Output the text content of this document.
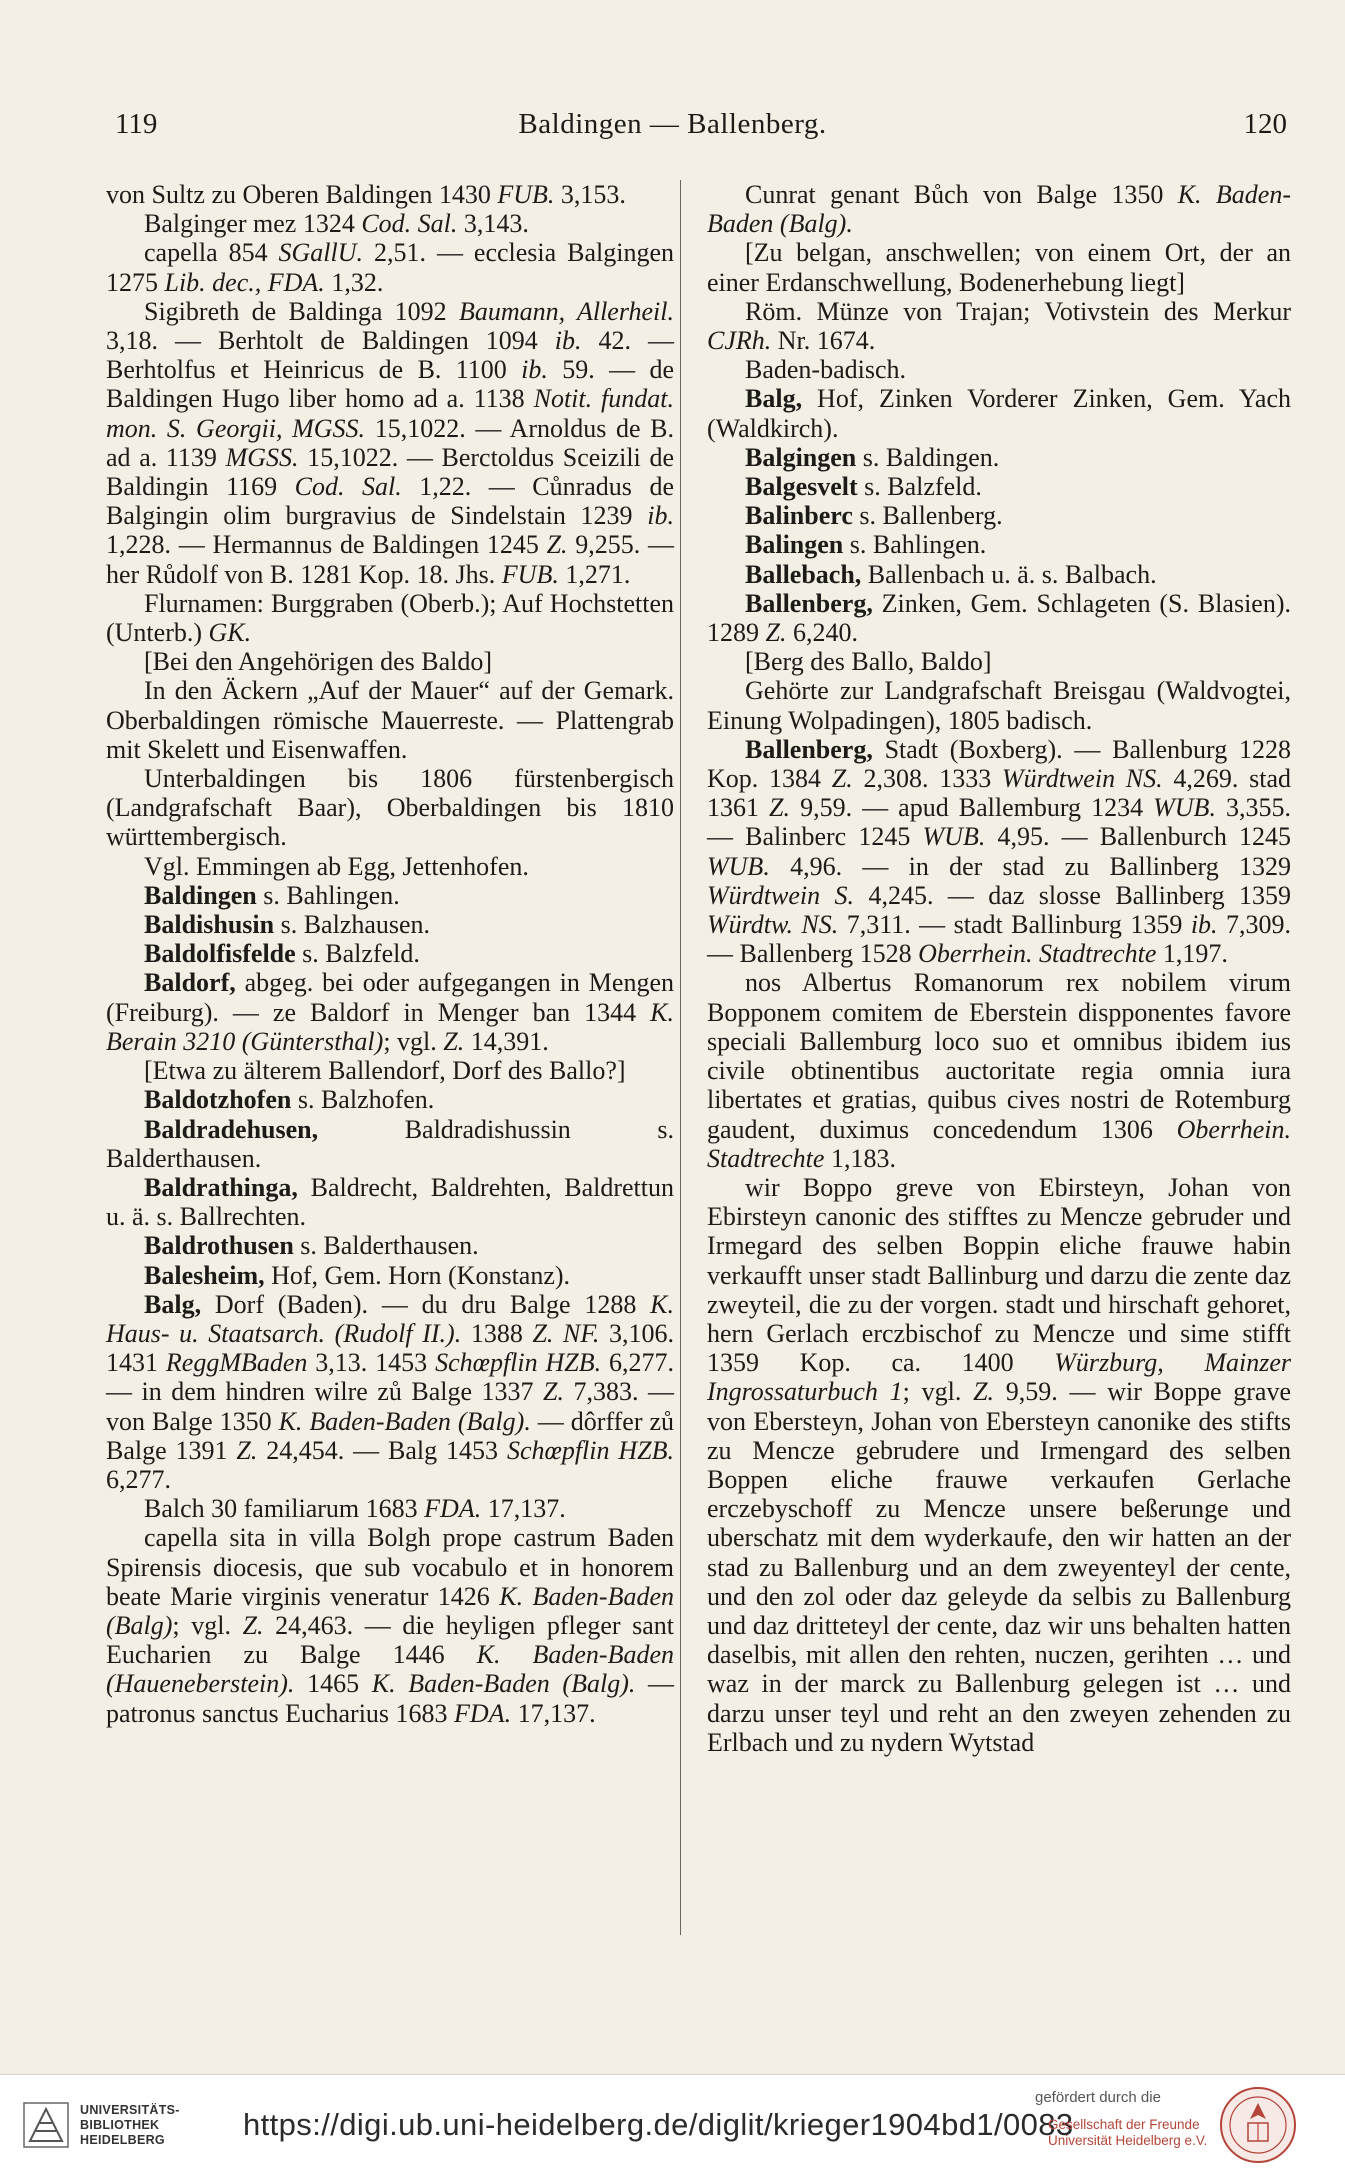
119	Baldingen — Ballenberg.	120

von Sultz zu Oberen Baldingen 1430 FUB. 3,153.

Balginger mez 1324 Cod. Sal. 3,143.

capella 854 SGallU. 2,51. — ecclesia Balgingen 1275 Lib. dec., FDA. 1,32.

Sigibreth de Baldinga 1092 Baumann, Allerheil. 3,18. — Berhtolt de Baldingen 1094 ib. 42. — Berhtolfus et Heinricus de B. 1100 ib. 59. — de Baldingen Hugo liber homo ad a. 1138 Notit. fundat. mon. S. Georgii, MGSS. 15,1022. — Arnoldus de B. ad a. 1139 MGSS. 15,1022. — Berctoldus Sceizili de Baldingin 1169 Cod. Sal. 1,22. — Cůnradus de Balgingin olim burgravius de Sindelstain 1239 ib. 1,228. — Hermannus de Baldingen 1245 Z. 9,255. — her Růdolf von B. 1281 Kop. 18. Jhs. FUB. 1,271.

Flurnamen: Burggraben (Oberb.); Auf Hochstetten (Unterb.) GK.

[Bei den Angehörigen des Baldo]

In den Äckern „Auf der Mauer“ auf der Gemark. Oberbaldingen römische Mauerreste. — Plattengrab mit Skelett und Eisenwaffen.

Unterbaldingen bis 1806 fürstenbergisch (Landgrafschaft Baar), Oberbaldingen bis 1810 württembergisch.

Vgl. Emmingen ab Egg, Jettenhofen.

Baldingen s. Bahlingen.

Baldishusin s. Balzhausen.

Baldolfisfelde s. Balzfeld.

Baldorf, abgeg. bei oder aufgegangen in Mengen (Freiburg). — ze Baldorf in Menger ban 1344 K. Berain 3210 (Güntersthal); vgl. Z. 14,391.

[Etwa zu älterem Ballendorf, Dorf des Ballo?]

Baldotzhofen s. Balzhofen.

Baldradehusen, Baldradishussin s. Balderthausen.

Baldrathinga, Baldrecht, Baldrehten, Baldrettun u. ä. s. Ballrechten.

Baldrothusen s. Balderthausen.

Balesheim, Hof, Gem. Horn (Konstanz).

Balg, Dorf (Baden). — du dru Balge 1288 K. Haus- u. Staatsarch. (Rudolf II.). 1388 Z. NF. 3,106. 1431 ReggMBaden 3,13. 1453 Schœpflin HZB. 6,277. — in dem hindren wilre zů Balge 1337 Z. 7,383. — von Balge 1350 K. Baden-Baden (Balg). — dôrffer zů Balge 1391 Z. 24,454. — Balg 1453 Schœpflin HZB. 6,277.

Balch 30 familiarum 1683 FDA. 17,137.

capella sita in villa Bolgh prope castrum Baden Spirensis diocesis, que sub vocabulo et in honorem beate Marie virginis veneratur 1426 K. Baden-Baden (Balg); vgl. Z. 24,463. — die heyligen pfleger sant Eucharien zu Balge 1446 K. Baden-Baden (Haueneberstein). 1465 K. Baden-Baden (Balg). — patronus sanctus Eucharius 1683 FDA. 17,137.

Cunrat genant Bůch von Balge 1350 K. Baden-Baden (Balg).

[Zu belgan, anschwellen; von einem Ort, der an einer Erdanschwellung, Bodenerhebung liegt]

Röm. Münze von Trajan; Votivstein des Merkur CJRh. Nr. 1674.

Baden-badisch.

Balg, Hof, Zinken Vorderer Zinken, Gem. Yach (Waldkirch).

Balgingen s. Baldingen.

Balgesvelt s. Balzfeld.

Balinberc s. Ballenberg.

Balingen s. Bahlingen.

Ballebach, Ballenbach u. ä. s. Balbach.

Ballenberg, Zinken, Gem. Schlageten (S. Blasien). 1289 Z. 6,240.

[Berg des Ballo, Baldo]

Gehörte zur Landgrafschaft Breisgau (Waldvogtei, Einung Wolpadingen), 1805 badisch.

Ballenberg, Stadt (Boxberg). — Ballenburg 1228 Kop. 1384 Z. 2,308. 1333 Würdtwein NS. 4,269. stad 1361 Z. 9,59. — apud Ballemburg 1234 WUB. 3,355. — Balinberc 1245 WUB. 4,95. — Ballenburch 1245 WUB. 4,96. — in der stad zu Ballinberg 1329 Würdtwein S. 4,245. — daz slosse Ballinberg 1359 Würdtw. NS. 7,311. — stadt Ballinburg 1359 ib. 7,309. — Ballenberg 1528 Oberrhein. Stadtrechte 1,197.

nos Albertus Romanorum rex nobilem virum Bopponem comitem de Eberstein dispponentes favore speciali Ballemburg loco suo et omnibus ibidem ius civile obtinentibus auctoritate regia omnia iura libertates et gratias, quibus cives nostri de Rotemburg gaudent, duximus concedendum 1306 Oberrhein. Stadtrechte 1,183.

wir Boppo greve von Ebirsteyn, Johan von Ebirsteyn canonic des stifftes zu Mencze gebruder und Irmegard des selben Boppin eliche frauwe habin verkaufft unser stadt Ballinburg und darzu die zente daz zweyteil, die zu der vorgen. stadt und hirschaft gehoret, hern Gerlach erczbischof zu Mencze und sime stifft 1359 Kop. ca. 1400 Würzburg, Mainzer Ingrossaturbuch 1; vgl. Z. 9,59. — wir Boppe grave von Ebersteyn, Johan von Ebersteyn canonike des stifts zu Mencze gebrudere und Irmengard des selben Boppen eliche frauwe verkaufen Gerlache erczebyschoff zu Mencze unsere beßerunge und uberschatz mit dem wyderkaufe, den wir hatten an der stad zu Ballenburg und an dem zweyenteyl der cente, und den zol oder daz geleyde da selbis zu Ballenburg und daz dritteteyl der cente, daz wir uns behalten hatten daselbis, mit allen den rehten, nuczen, gerihten … und waz in der marck zu Ballenburg gelegen ist … und darzu unser teyl und reht an den zweyen zehenden zu Erlbach und zu nydern Wytstad

UNIVERSITÄTS-
BIBLIOTHEK
HEIDELBERG	https://digi.ub.uni-heidelberg.de/diglit/krieger1904bd1/0083
gefördert durch die
Gesellschaft der Freunde
Universität Heidelberg e.V.
